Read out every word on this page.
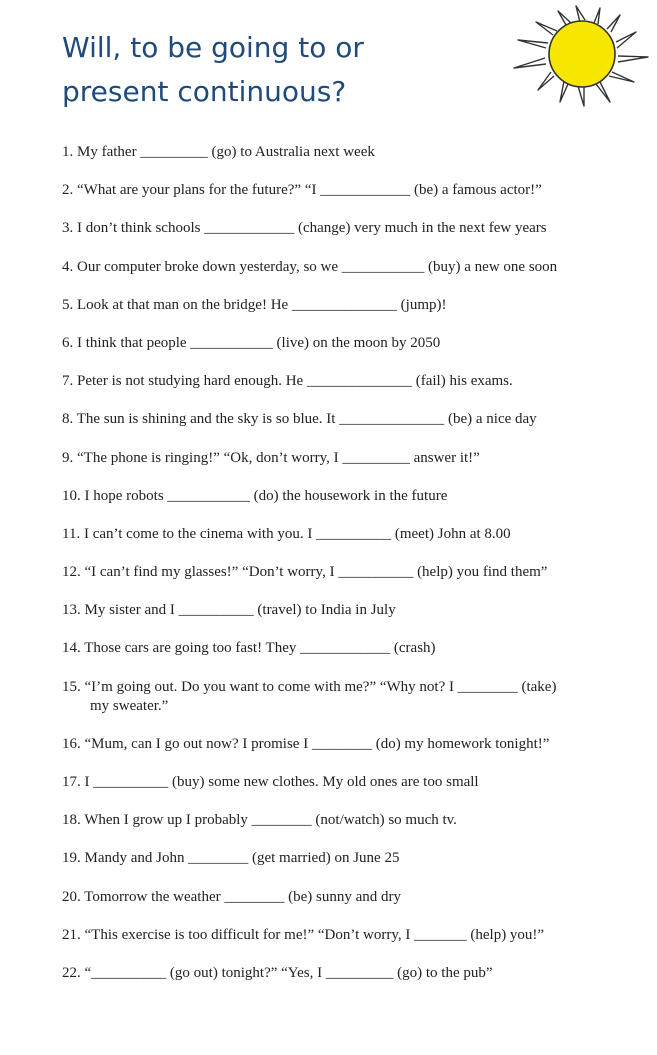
Will, to be going to or
present continuous?
1. My father _________ (go) to Australia next week
2. “What are your plans for the future?” “I ____________ (be) a famous actor!”
3. I don’t think schools ____________ (change) very much in the next few years
4. Our computer broke down yesterday, so we ___________ (buy) a new one soon
5. Look at that man on the bridge! He ______________ (jump)!
6. I think that people ___________ (live) on the moon by 2050
7. Peter is not studying hard enough. He ______________ (fail) his exams.
8. The sun is shining and the sky is so blue. It ______________ (be) a nice day
9. “The phone is ringing!” “Ok, don’t worry, I _________ answer it!”
10. I hope robots ___________ (do) the housework in the future
11. I can’t come to the cinema with you. I __________ (meet) John at 8.00
12. “I can’t find my glasses!” “Don’t worry, I __________ (help) you find them”
13. My sister and I __________ (travel) to India in July
14. Those cars are going too fast! They ____________ (crash)
15. “I’m going out. Do you want to come with me?” “Why not? I ________ (take)
my sweater.”
16. “Mum, can I go out now? I promise I ________ (do) my homework tonight!”
17. I __________ (buy) some new clothes. My old ones are too small
18. When I grow up I probably ________ (not/watch) so much tv.
19. Mandy and John ________ (get married) on June 25
20. Tomorrow the weather ________ (be) sunny and dry
21. “This exercise is too difficult for me!” “Don’t worry, I _______ (help) you!”
22. “__________ (go out) tonight?” “Yes, I _________ (go) to the pub”
